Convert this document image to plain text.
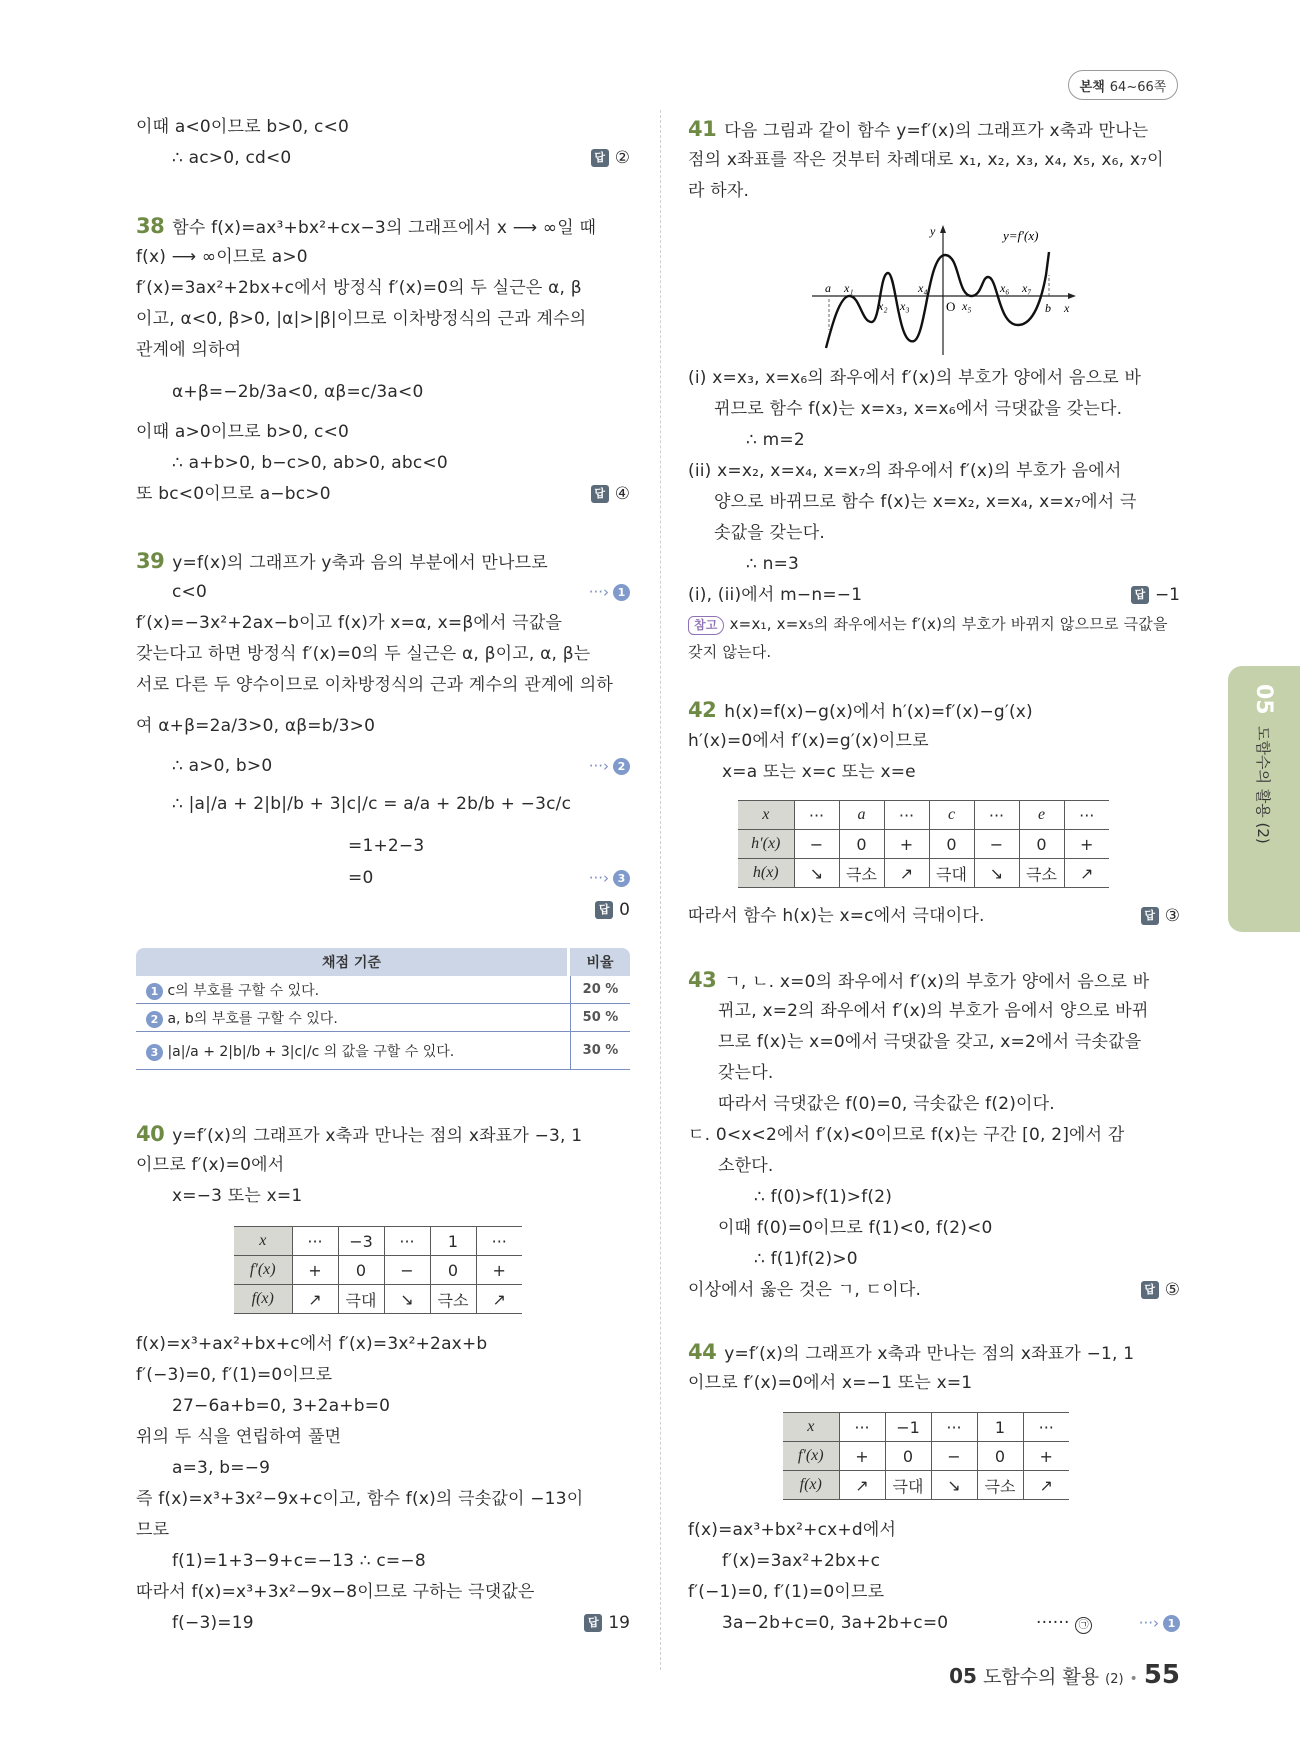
본책 64~66쪽
이때 a<0이므로 b>0, c<0
∴ ac>0, cd<0	답 ②
38 함수 f(x)=ax³+bx²+cx−3의 그래프에서 x ⟶ ∞일 때
f(x) ⟶ ∞이므로 a>0
f′(x)=3ax²+2bx+c에서 방정식 f′(x)=0의 두 실근은 α, β
이고, α<0, β>0, |α|>|β|이므로 이차방정식의 근과 계수의
관계에 의하여
α+β=−2b/3a<0, αβ=c/3a<0
이때 a>0이므로 b>0, c<0
∴ a+b>0, b−c>0, ab>0, abc<0
또 bc<0이므로 a−bc>0	답 ④
39 y=f(x)의 그래프가 y축과 음의 부분에서 만나므로
c<0	···› 1
f′(x)=−3x²+2ax−b이고 f(x)가 x=α, x=β에서 극값을
갖는다고 하면 방정식 f′(x)=0의 두 실근은 α, β이고, α, β는
서로 다른 두 양수이므로 이차방정식의 근과 계수의 관계에 의하
여 α+β=2a/3>0, αβ=b/3>0
∴ a>0, b>0	···› 2
∴ |a|/a + 2|b|/b + 3|c|/c = a/a + 2b/b + −3c/c
=1+2−3
=0	···› 3
답 0
채점 기준	비율
1 c의 부호를 구할 수 있다.	20 %
2 a, b의 부호를 구할 수 있다.	50 %
3 |a|/a + 2|b|/b + 3|c|/c 의 값을 구할 수 있다.	30 %
40 y=f′(x)의 그래프가 x축과 만나는 점의 x좌표가 −3, 1
이므로 f′(x)=0에서
x=−3 또는 x=1
x	···	−3	···	1	···
f′(x)	+	0	−	0	+
f(x)	↗	극대	↘	극소	↗
f(x)=x³+ax²+bx+c에서 f′(x)=3x²+2ax+b
f′(−3)=0, f′(1)=0이므로
27−6a+b=0, 3+2a+b=0
위의 두 식을 연립하여 풀면
a=3, b=−9
즉 f(x)=x³+3x²−9x+c이고, 함수 f(x)의 극솟값이 −13이
므로
f(1)=1+3−9+c=−13 ∴ c=−8
따라서 f(x)=x³+3x²−9x−8이므로 구하는 극댓값은
f(−3)=19	답 19
41 다음 그림과 같이 함수 y=f′(x)의 그래프가 x축과 만나는
점의 x좌표를 작은 것부터 차례대로 x₁, x₂, x₃, x₄, x₅, x₆, x₇이
라 하자.
(i) x=x₃, x=x₆의 좌우에서 f′(x)의 부호가 양에서 음으로 바
뀌므로 함수 f(x)는 x=x₃, x=x₆에서 극댓값을 갖는다.
∴ m=2
(ii) x=x₂, x=x₄, x=x₇의 좌우에서 f′(x)의 부호가 음에서
양으로 바뀌므로 함수 f(x)는 x=x₂, x=x₄, x=x₇에서 극
솟값을 갖는다.
∴ n=3
(i), (ii)에서 m−n=−1	답 −1
참고 x=x₁, x=x₅의 좌우에서는 f′(x)의 부호가 바뀌지 않으므로 극값을
갖지 않는다.
42 h(x)=f(x)−g(x)에서 h′(x)=f′(x)−g′(x)
h′(x)=0에서 f′(x)=g′(x)이므로
x=a 또는 x=c 또는 x=e
따라서 함수 h(x)는 x=c에서 극대이다.	답 ③
43 ㄱ, ㄴ. x=0의 좌우에서 f′(x)의 부호가 양에서 음으로 바
뀌고, x=2의 좌우에서 f′(x)의 부호가 음에서 양으로 바뀌
므로 f(x)는 x=0에서 극댓값을 갖고, x=2에서 극솟값을
갖는다.
따라서 극댓값은 f(0)=0, 극솟값은 f(2)이다.
ㄷ. 0<x<2에서 f′(x)<0이므로 f(x)는 구간 [0, 2]에서 감
소한다.
∴ f(0)>f(1)>f(2)
이때 f(0)=0이므로 f(1)<0, f(2)<0
∴ f(1)f(2)>0
이상에서 옳은 것은 ㄱ, ㄷ이다.	답 ⑤
44 y=f′(x)의 그래프가 x축과 만나는 점의 x좌표가 −1, 1
이므로 f′(x)=0에서 x=−1 또는 x=1
f(x)=ax³+bx²+cx+d에서
f′(x)=3ax²+2bx+c
f′(−1)=0, f′(1)=0이므로
3a−2b+c=0, 3a+2b+c=0	······ ㉠	···› 1
y	y=f′(x)
a x₁
x₂ x₃
x₄
O x₅
x₆ x₇
b x
x	···	a	···	c	···	e	···
h′(x)	−	0	+	0	−	0	+
h(x)	↘	극소	↗	극대	↘	극소	↗
x	···	−1	···	1	···
f′(x)	+	0	−	0	+
f(x)	↗	극대	↘	극소	↗
05
도함수의 활용 (2)
05 도함수의 활용 (2) • 55
